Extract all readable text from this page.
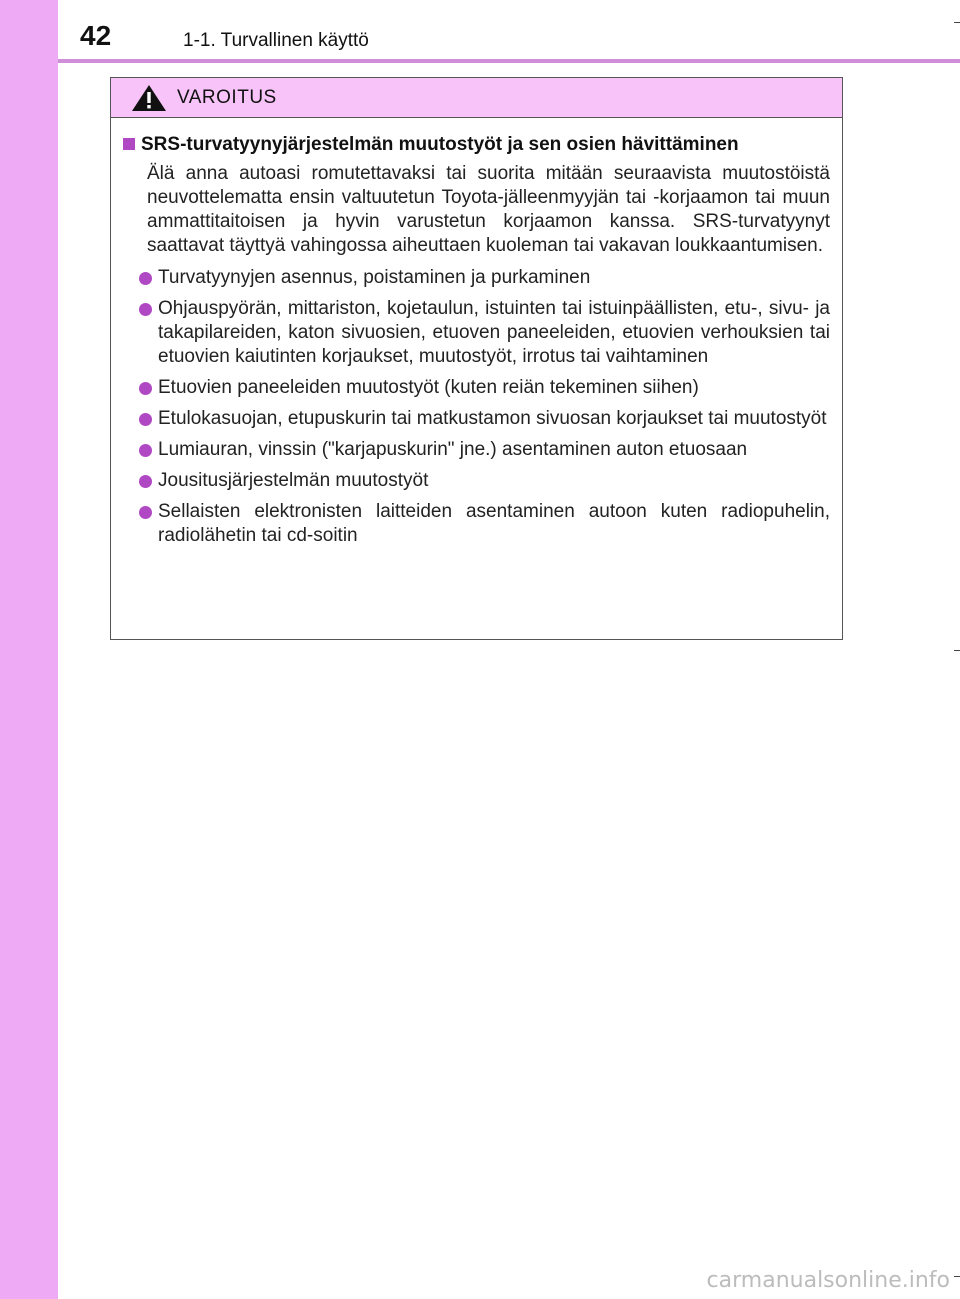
42	1-1. Turvallinen käyttö
VAROITUS
SRS-turvatyynyjärjestelmän muutostyöt ja sen osien hävittäminen

Älä anna autoasi romutettavaksi tai suorita mitään seuraavista muutostöistä neuvottelematta ensin valtuutetun Toyota-jälleenmyyjän tai -korjaamon tai muun ammattitaitoisen ja hyvin varustetun korjaamon kanssa. SRS-turvatyynyt saattavat täyttyä vahingossa aiheuttaen kuoleman tai vakavan loukkaantumisen.

Turvatyynyjen asennus, poistaminen ja purkaminen
Ohjauspyörän, mittariston, kojetaulun, istuinten tai istuinpäällisten, etu-, sivu- ja takapilareiden, katon sivuosien, etuoven paneeleiden, etuovien verhouksien tai etuovien kaiutinten korjaukset, muutostyöt, irrotus tai vaihtaminen
Etuovien paneeleiden muutostyöt (kuten reiän tekeminen siihen)
Etulokasuojan, etupuskurin tai matkustamon sivuosan korjaukset tai muutostyöt
Lumiauran, vinssin ("karjapuskurin" jne.) asentaminen auton etuosaan
Jousitusjärjestelmän muutostyöt
Sellaisten elektronisten laitteiden asentaminen autoon kuten radiopuhelin, radiolähetin tai cd-soitin
carmanualsonline.info
